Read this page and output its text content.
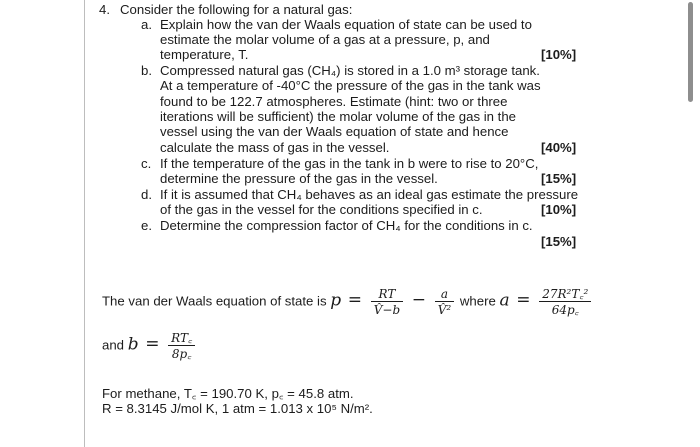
4. Consider the following for a natural gas:
a. Explain how the van der Waals equation of state can be used to
estimate the molar volume of a gas at a pressure, p, and
temperature, T.	[10%]
b. Compressed natural gas (CH₄) is stored in a 1.0 m³ storage tank.
At a temperature of -40°C the pressure of the gas in the tank was
found to be 122.7 atmospheres. Estimate (hint: two or three
iterations will be sufficient) the molar volume of the gas in the
vessel using the van der Waals equation of state and hence
calculate the mass of gas in the vessel.	[40%]
c. If the temperature of the gas in the tank in b were to rise to 20°C,
determine the pressure of the gas in the vessel.	[15%]
d. If it is assumed that CH₄ behaves as an ideal gas estimate the pressure
of the gas in the vessel for the conditions specified in c.	[10%]
e. Determine the compression factor of CH₄ for the conditions in c.
[15%]
The van der Waals equation of state is $p = \frac{RT}{V̂-b} - \frac{a}{\text{V̂²}}$ where $a = \frac{\text{27R²T꜀²}}{64p꜀}$
and $b = \frac{RT꜀}{8p꜀}$
For methane, T꜀ = 190.70 K, p꜀ = 45.8 atm.
R = 8.3145 J/mol K, 1 atm = 1.013 x 10⁵ N/m².
